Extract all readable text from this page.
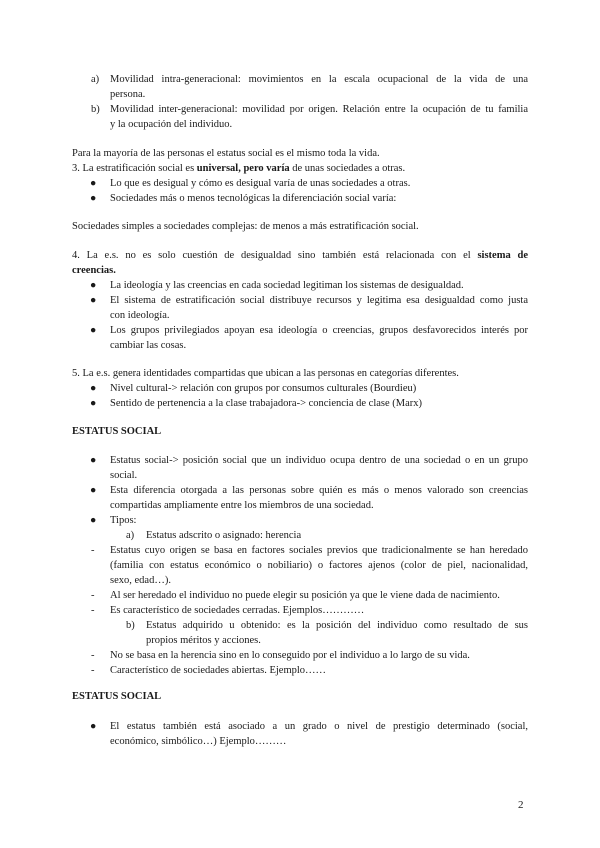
a) Movilidad intra-generacional: movimientos en la escala ocupacional de la vida de una
persona.
b) Movilidad inter-generacional: movilidad por origen. Relación entre la ocupación de tu familia
y la ocupación del individuo.
Para la mayoría de las personas el estatus social es el mismo toda la vida.
3. La estratificación social es universal, pero varía de unas sociedades a otras.
● Lo que es desigual y cómo es desigual varía de unas sociedades a otras.
● Sociedades más o menos tecnológicas la diferenciación social varía:
Sociedades simples a sociedades complejas: de menos a más estratificación social.
4. La e.s. no es solo cuestión de desigualdad sino también está relacionada con el sistema de
creencias.
● La ideología y las creencias en cada sociedad legitiman los sistemas de desigualdad.
● El sistema de estratificación social distribuye recursos y legitima esa desigualdad como justa
con ideología.
● Los grupos privilegiados apoyan esa ideología o creencias, grupos desfavorecidos interés por
cambiar las cosas.
5. La e.s. genera identidades compartidas que ubican a las personas en categorías diferentes.
● Nivel cultural-> relación con grupos por consumos culturales (Bourdieu)
● Sentido de pertenencia a la clase trabajadora-> conciencia de clase (Marx)
ESTATUS SOCIAL
● Estatus social-> posición social que un individuo ocupa dentro de una sociedad o en un grupo
social.
● Esta diferencia otorgada a las personas sobre quién es más o menos valorado son creencias
compartidas ampliamente entre los miembros de una sociedad.
● Tipos:
a) Estatus adscrito o asignado: herencia
- Estatus cuyo origen se basa en factores sociales previos que tradicionalmente se han heredado
(familia con estatus económico o nobiliario) o factores ajenos (color de piel, nacionalidad,
sexo, edad…).
- Al ser heredado el individuo no puede elegir su posición ya que le viene dada de nacimiento.
- Es característico de sociedades cerradas. Ejemplos…………
b) Estatus adquirido u obtenido: es la posición del individuo como resultado de sus
propios méritos y acciones.
- No se basa en la herencia sino en lo conseguido por el individuo a lo largo de su vida.
- Característico de sociedades abiertas. Ejemplo……
ESTATUS SOCIAL
● El estatus también está asociado a un grado o nivel de prestigio determinado (social,
económico, simbólico…) Ejemplo………
2
